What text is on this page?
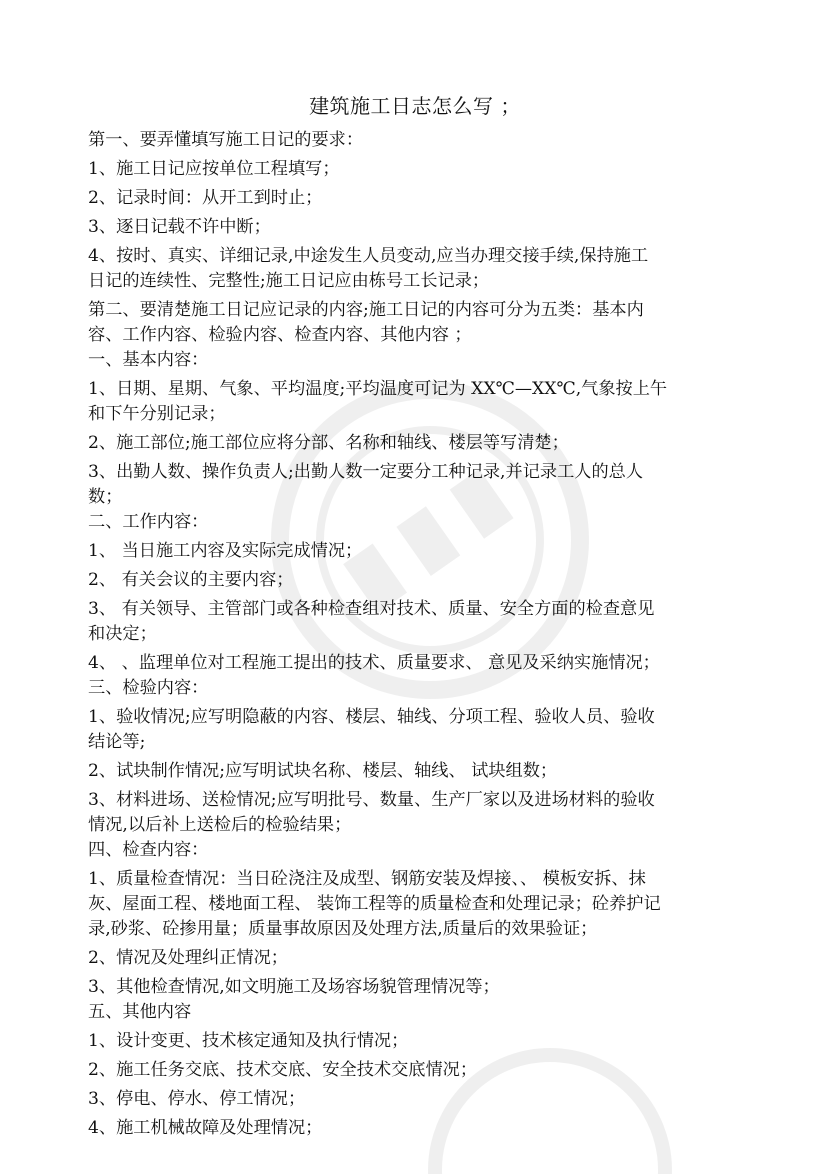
建筑施工日志怎么写 ；
第一、要弄懂填写施工日记的要求：
1、施工日记应按单位工程填写；
2、记录时间：从开工到时止；
3、逐日记载不许中断；
4、按时、真实、详细记录,中途发生人员变动,应当办理交接手续,保持施工
日记的连续性、完整性;施工日记应由栋号工长记录；
第二、要清楚施工日记应记录的内容;施工日记的内容可分为五类：基本内
容、工作内容、检验内容、检查内容、其他内容 ；
一、基本内容：
1、日期、星期、气象、平均温度;平均温度可记为 XX℃—XX℃,气象按上午
和下午分别记录；
2、施工部位;施工部位应将分部、名称和轴线、楼层等写清楚；
3、出勤人数、操作负责人;出勤人数一定要分工种记录,并记录工人的总人
数；
二、工作内容：
1、 当日施工内容及实际完成情况；
2、 有关会议的主要内容；
3、 有关领导、主管部门或各种检查组对技术、质量、安全方面的检查意见
和决定；
4、 、监理单位对工程施工提出的技术、质量要求、 意见及采纳实施情况；
三、检验内容：
1、验收情况;应写明隐蔽的内容、楼层、轴线、分项工程、验收人员、验收
结论等;
2、试块制作情况;应写明试块名称、楼层、轴线、 试块组数；
3、材料进场、送检情况;应写明批号、数量、生产厂家以及进场材料的验收
情况,以后补上送检后的检验结果；
四、检查内容：
1、质量检查情况：当日砼浇注及成型、钢筋安装及焊接、、 模板安拆、抹
灰、屋面工程、楼地面工程、 装饰工程等的质量检查和处理记录；砼养护记
录,砂浆、砼掺用量；质量事故原因及处理方法,质量后的效果验证；
2、情况及处理纠正情况；
3、其他检查情况,如文明施工及场容场貌管理情况等；
五、其他内容
1、设计变更、技术核定通知及执行情况；
2、施工任务交底、技术交底、安全技术交底情况；
3、停电、停水、停工情况；
4、施工机械故障及处理情况；
